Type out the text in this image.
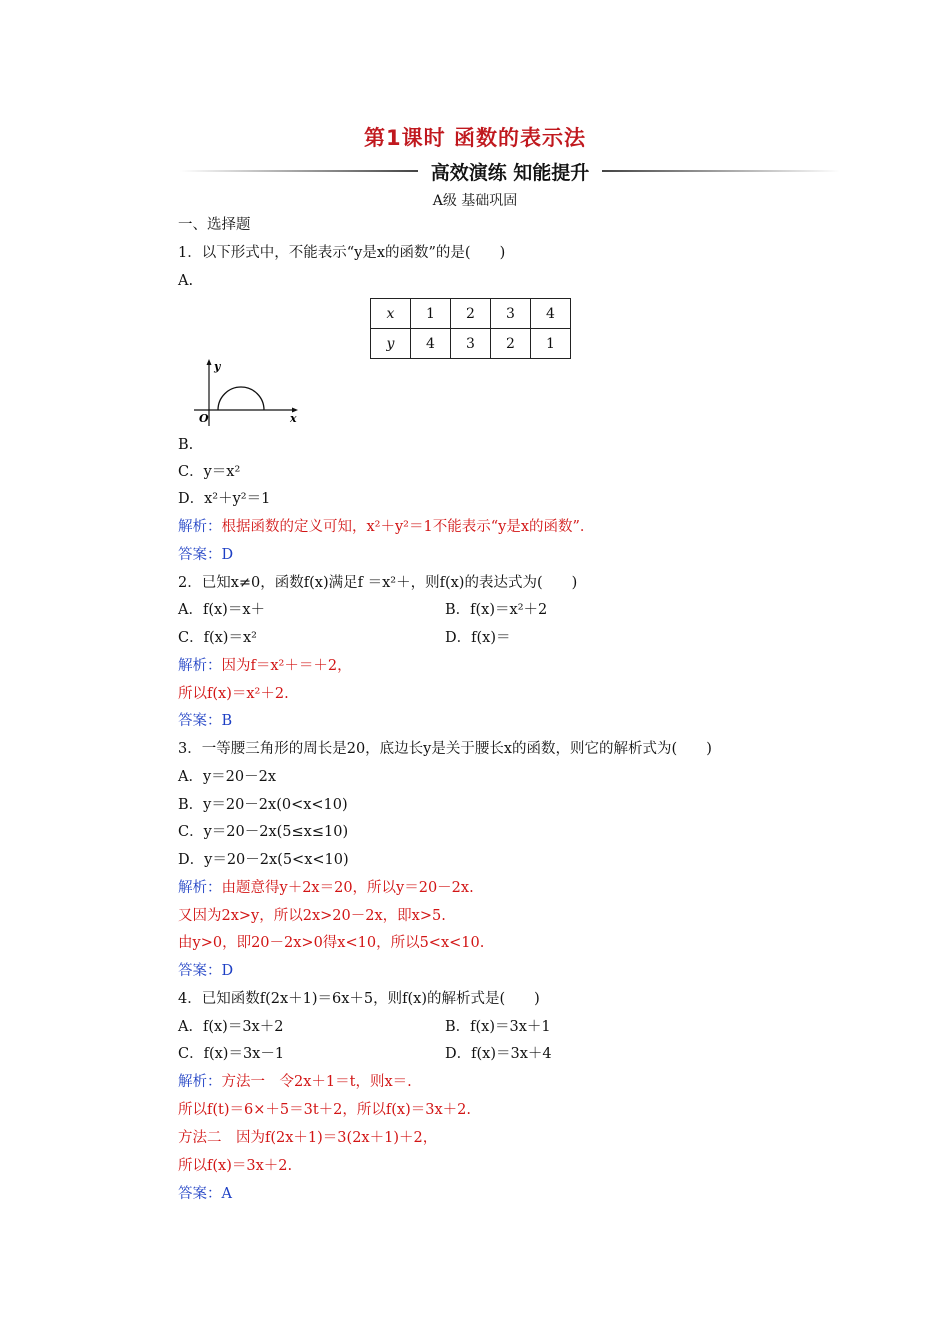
第1课时 函数的表示法
高效演练 知能提升
A级 基础巩固
一、选择题
1．以下形式中，不能表示“y是x的函数”的是(　　)
A.
x	1	2	3	4
y	4	3	2	1
y
x
O
B.
C．y＝x²
D．x²＋y²＝1
解析：根据函数的定义可知，x²＋y²＝1不能表示“y是x的函数”．
答案：D
2．已知x≠0，函数f(x)满足f ＝x²＋，则f(x)的表达式为(　　)
A．f(x)＝x＋	B．f(x)＝x²＋2
C．f(x)＝x²	D．f(x)＝
解析：因为f＝x²＋＝＋2，
所以f(x)＝x²＋2.
答案：B
3．一等腰三角形的周长是20，底边长y是关于腰长x的函数，则它的解析式为(　　)
A．y＝20－2x
B．y＝20－2x(0<x<10)
C．y＝20－2x(5≤x≤10)
D．y＝20－2x(5<x<10)
解析：由题意得y＋2x＝20，所以y＝20－2x.
又因为2x>y，所以2x>20－2x，即x>5.
由y>0，即20－2x>0得x<10，所以5<x<10.
答案：D
4．已知函数f(2x＋1)＝6x＋5，则f(x)的解析式是(　　)
A．f(x)＝3x＋2	B．f(x)＝3x＋1
C．f(x)＝3x－1	D．f(x)＝3x＋4
解析：方法一　令2x＋1＝t，则x＝.
所以f(t)＝6×＋5＝3t＋2，所以f(x)＝3x＋2.
方法二　因为f(2x＋1)＝3(2x＋1)＋2，
所以f(x)＝3x＋2.
答案：A
